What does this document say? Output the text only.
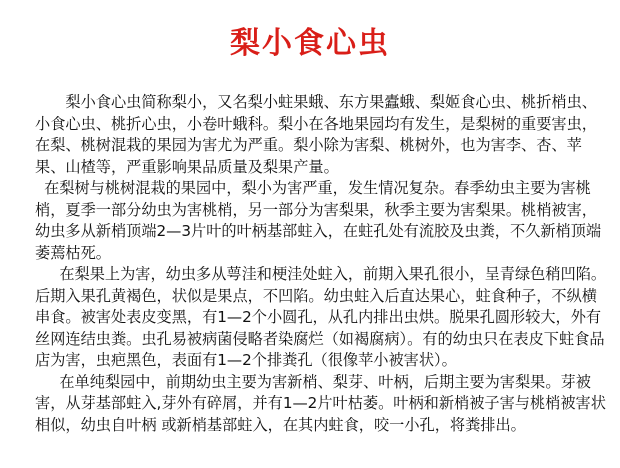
梨小食心虫

梨小食心虫简称梨小，又名梨小蛀果蛾、东方果蠹蛾、梨姬食心虫、桃折梢虫、小食心虫、桃折心虫，小卷叶蛾科。梨小在各地果园均有发生，是梨树的重要害虫，在梨、桃树混栽的果园为害尤为严重。梨小除为害梨、桃树外，也为害李、杏、苹果、山楂等，严重影响果品质量及梨果产量。

在梨树与桃树混栽的果园中，梨小为害严重，发生情况复杂。春季幼虫主要为害桃梢，夏季一部分幼虫为害桃梢，另一部分为害梨果，秋季主要为害梨果。桃梢被害，幼虫多从新梢顶端2—3片叶的叶柄基部蛀入，在蛀孔处有流胶及虫粪，不久新梢顶端萎蔫枯死。

在梨果上为害，幼虫多从萼洼和梗洼处蛀入，前期入果孔很小，呈青绿色稍凹陷。后期入果孔黄褐色，状似是果点，不凹陷。幼虫蛀入后直达果心，蛀食种子，不纵横串食。被害处表皮变黑，有1—2个小圆孔，从孔内排出虫烘。脱果孔圆形较大，外有丝网连结虫粪。虫孔易被病菌侵略者染腐烂（如褐腐病）。有的幼虫只在表皮下蛀食品店为害，虫疤黑色，表面有1—2个排粪孔（很像苹小被害状）。

在单纯梨园中，前期幼虫主要为害新梢、梨芽、叶柄，后期主要为害梨果。芽被害，从芽基部蛀入,芽外有碎屑，并有1—2片叶枯萎。叶柄和新梢被子害与桃梢被害状相似，幼虫自叶柄 或新梢基部蛀入，在其内蛀食，咬一小孔，将粪排出。
